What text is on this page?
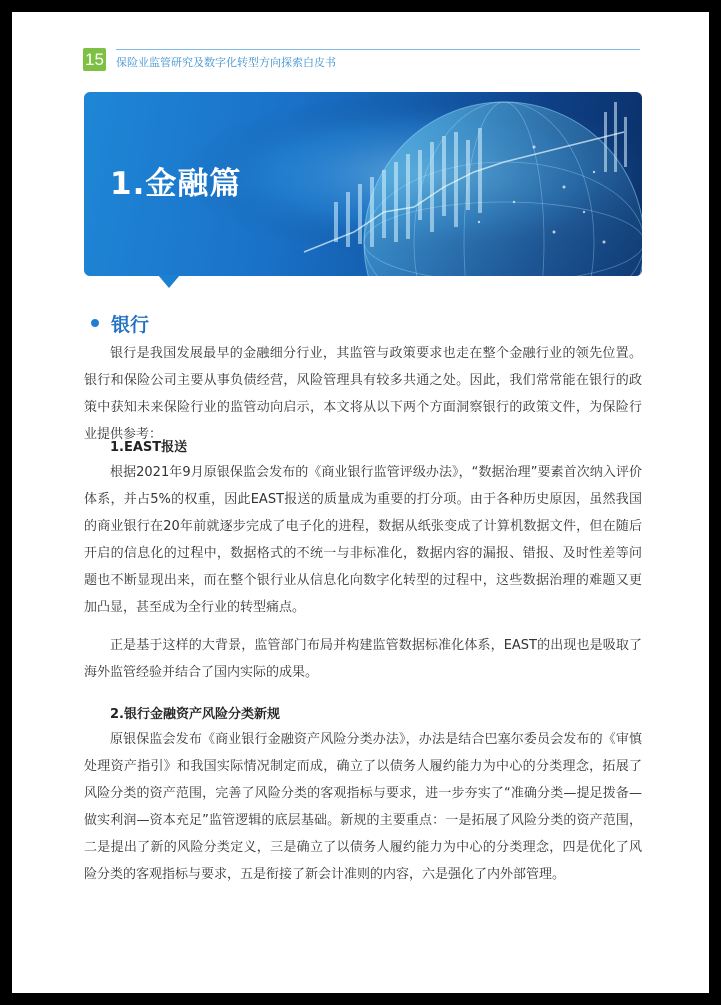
15 保险业监管研究及数字化转型方向探索白皮书
1.金融篇
银行
银行是我国发展最早的金融细分行业，其监管与政策要求也走在整个金融行业的领先位置。银行和保险公司主要从事负债经营，风险管理具有较多共通之处。因此，我们常常能在银行的政策中获知未来保险行业的监管动向启示，本文将从以下两个方面洞察银行的政策文件，为保险行业提供参考：
1.EAST报送
根据2021年9月原银保监会发布的《商业银行监管评级办法》，“数据治理”要素首次纳入评价体系，并占5%的权重，因此EAST报送的质量成为重要的打分项。由于各种历史原因，虽然我国的商业银行在20年前就逐步完成了电子化的进程，数据从纸张变成了计算机数据文件，但在随后开启的信息化的过程中，数据格式的不统一与非标准化，数据内容的漏报、错报、及时性差等问题也不断显现出来，而在整个银行业从信息化向数字化转型的过程中，这些数据治理的难题又更加凸显，甚至成为全行业的转型痛点。
正是基于这样的大背景，监管部门布局并构建监管数据标准化体系，EAST的出现也是吸取了海外监管经验并结合了国内实际的成果。
2.银行金融资产风险分类新规
原银保监会发布《商业银行金融资产风险分类办法》，办法是结合巴塞尔委员会发布的《审慎处理资产指引》和我国实际情况制定而成，确立了以债务人履约能力为中心的分类理念，拓展了风险分类的资产范围，完善了风险分类的客观指标与要求，进一步夯实了“准确分类—提足拨备—做实利润—资本充足”监管逻辑的底层基础。新规的主要重点：一是拓展了风险分类的资产范围，二是提出了新的风险分类定义，三是确立了以债务人履约能力为中心的分类理念，四是优化了风险分类的客观指标与要求，五是衔接了新会计准则的内容，六是强化了内外部管理。
